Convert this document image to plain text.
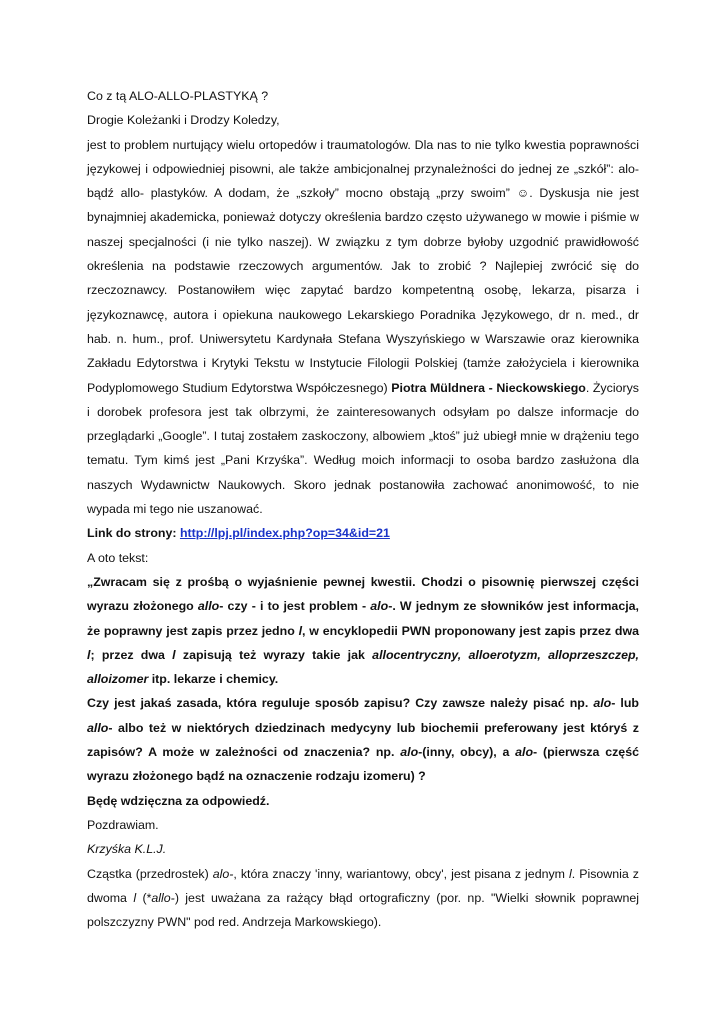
Co z tą ALO-ALLO-PLASTYKĄ ?

Drogie Koleżanki i Drodzy Koledzy,

jest to problem nurtujący wielu ortopedów i traumatologów. Dla nas to nie tylko kwestia poprawności językowej i odpowiedniej pisowni, ale także ambicjonalnej przynależności do jednej ze „szkół”: alo- bądź allo- plastyków. A dodam, że „szkoły” mocno obstają „przy swoim” ☺. Dyskusja nie jest bynajmniej akademicka, ponieważ dotyczy określenia bardzo często używanego w mowie i piśmie w naszej specjalności (i nie tylko naszej). W związku z tym dobrze byłoby uzgodnić prawidłowość określenia na podstawie rzeczowych argumentów. Jak to zrobić ? Najlepiej zwrócić się do rzeczoznawcy. Postanowiłem więc zapytać bardzo kompetentną osobę, lekarza, pisarza i językoznawcę, autora i opiekuna naukowego Lekarskiego Poradnika Językowego, dr n. med., dr hab. n. hum., prof. Uniwersytetu Kardynała Stefana Wyszyńskiego w Warszawie oraz kierownika Zakładu Edytorstwa i Krytyki Tekstu w Instytucie Filologii Polskiej (tamże założyciela i kierownika Podyplomowego Studium Edytorstwa Współczesnego) Piotra Müldnera - Nieckowskiego. Życiorys i dorobek profesora jest tak olbrzymi, że zainteresowanych odsyłam po dalsze informacje do przeglądarki „Google”. I tutaj zostałem zaskoczony, albowiem „ktoś” już ubiegł mnie w drążeniu tego tematu. Tym kimś jest „Pani Krzyśka”. Według moich informacji to osoba bardzo zasłużona dla naszych Wydawnictw Naukowych. Skoro jednak postanowiła zachować anonimowość, to nie wypada mi tego nie uszanować.

Link do strony: http://lpj.pl/index.php?op=34&id=21

A oto tekst:

„Zwracam się z prośbą o wyjaśnienie pewnej kwestii. Chodzi o pisownię pierwszej części wyrazu złożonego allo- czy - i to jest problem - alo-. W jednym ze słowników jest informacja, że poprawny jest zapis przez jedno l, w encyklopedii PWN proponowany jest zapis przez dwa l; przez dwa l zapisują też wyrazy takie jak allocentryczny, alloerotyzm, alloprzeszczep, alloizomer itp. lekarze i chemicy.

Czy jest jakaś zasada, która reguluje sposób zapisu? Czy zawsze należy pisać np. alo- lub allo- albo też w niektórych dziedzinach medycyny lub biochemii preferowany jest któryś z zapisów? A może w zależności od znaczenia? np. alo-(inny, obcy), a alo- (pierwsza część wyrazu złożonego bądź na oznaczenie rodzaju izomeru) ?

Będę wdzięczna za odpowiedź.

Pozdrawiam.

Krzyśka K.L.J.

Cząstka (przedrostek) alo-, która znaczy 'inny, wariantowy, obcy', jest pisana z jednym l. Pisownia z dwoma l (*allo-) jest uważana za rażący błąd ortograficzny (por. np. "Wielki słownik poprawnej polszczyzny PWN" pod red. Andrzeja Markowskiego).
